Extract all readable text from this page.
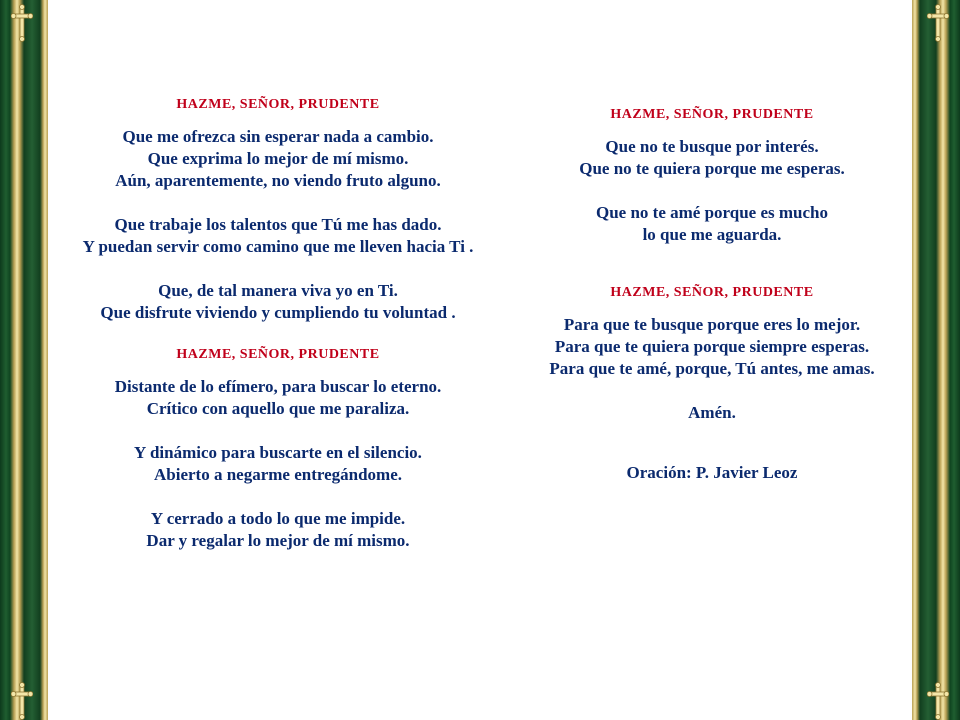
HAZME, SEÑOR, PRUDENTE

Que me ofrezca sin esperar nada a cambio.

Que exprima lo mejor de mí mismo.

Aún, aparentemente, no viendo fruto alguno.

Que trabaje los talentos que Tú me has dado.

Y puedan servir como camino que me lleven hacia Ti .

Que, de tal manera viva yo en Ti.

Que disfrute viviendo y cumpliendo tu voluntad .

HAZME, SEÑOR, PRUDENTE

Distante de lo efímero, para buscar lo eterno.

Crítico con aquello que me paraliza.

Y dinámico para buscarte en el silencio.

Abierto a negarme entregándome.

Y cerrado a todo lo que me impide.

Dar y regalar lo mejor de mí mismo.

HAZME, SEÑOR, PRUDENTE

Que no te busque por interés.

Que no te quiera porque me esperas.

Que no te amé porque es mucho

lo que me aguarda.

HAZME, SEÑOR, PRUDENTE

Para que te busque porque eres lo mejor.

Para que te quiera porque siempre esperas.

Para que te amé, porque, Tú antes, me amas.

Amén.

Oración: P. Javier Leoz
